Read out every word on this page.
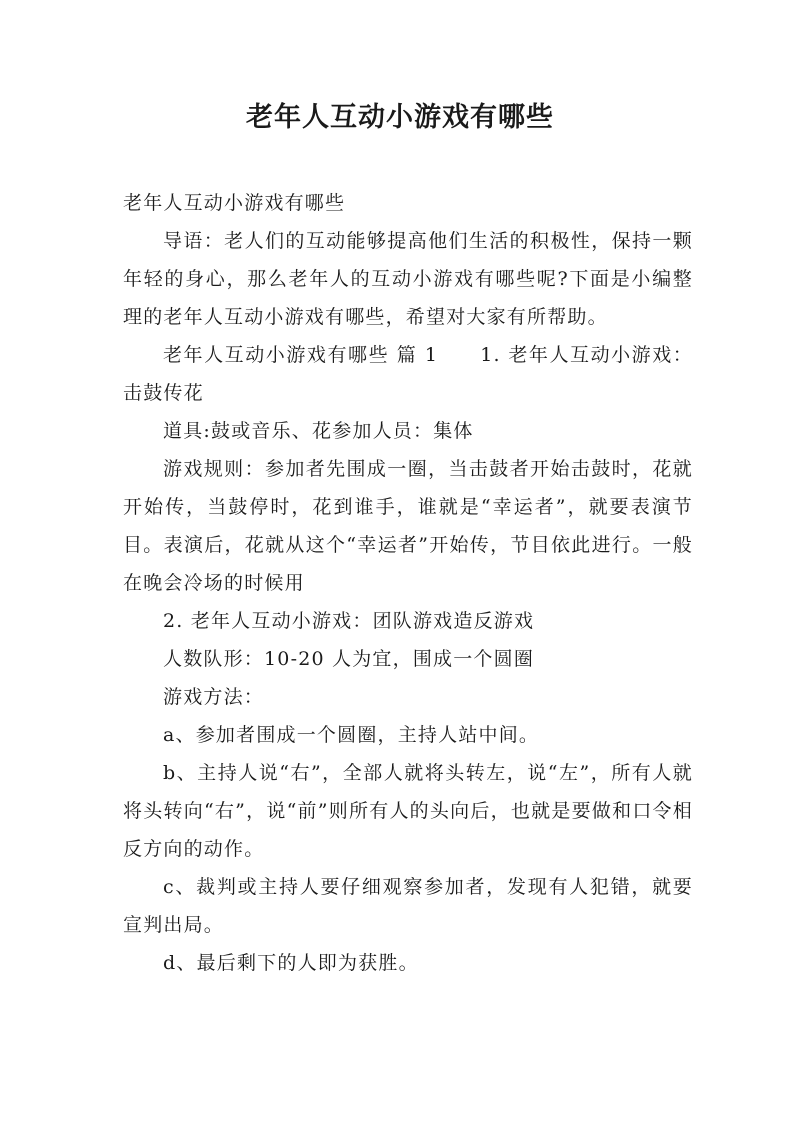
老年人互动小游戏有哪些

老年人互动小游戏有哪些

导语：老人们的互动能够提高他们生活的积极性，保持一颗年轻的身心，那么老年人的互动小游戏有哪些呢?下面是小编整理的老年人互动小游戏有哪些，希望对大家有所帮助。

老年人互动小游戏有哪些 篇 1 1. 老年人互动小游戏：击鼓传花

道具:鼓或音乐、花参加人员：集体

游戏规则：参加者先围成一圈，当击鼓者开始击鼓时，花就开始传，当鼓停时，花到谁手，谁就是“幸运者”，就要表演节目。表演后，花就从这个“幸运者”开始传，节目依此进行。一般在晚会冷场的时候用

2. 老年人互动小游戏：团队游戏造反游戏

人数队形：10-20 人为宜，围成一个圆圈

游戏方法：

a、参加者围成一个圆圈，主持人站中间。

b、主持人说“右”，全部人就将头转左，说“左”，所有人就将头转向“右”，说“前”则所有人的头向后，也就是要做和口令相反方向的动作。

c、裁判或主持人要仔细观察参加者，发现有人犯错，就要宣判出局。

d、最后剩下的人即为获胜。
